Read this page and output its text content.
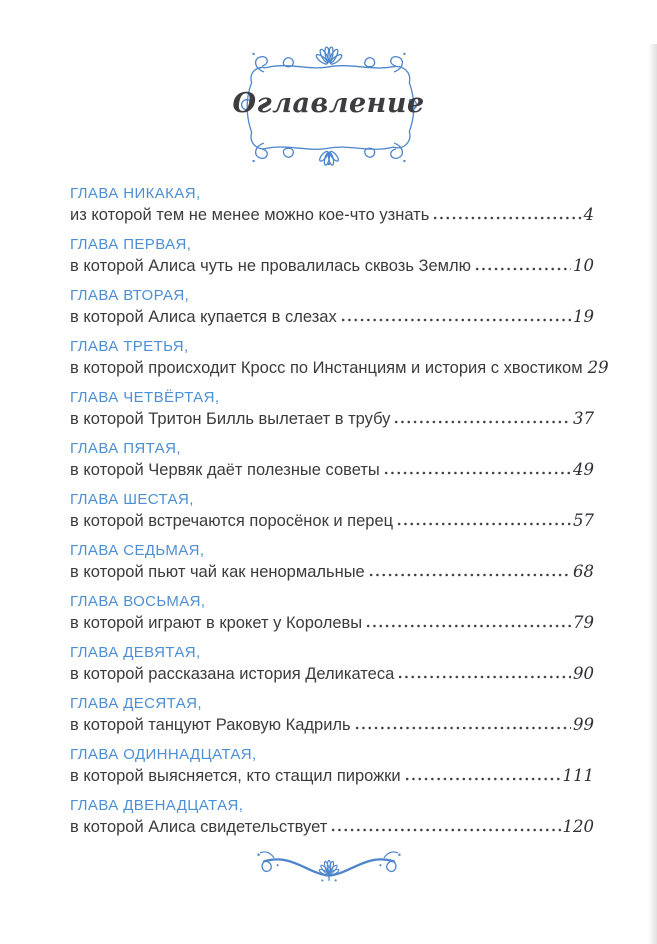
Оглавление
ГЛАВА НИКАКАЯ,
из которой тем не менее можно кое-что узнать	4
ГЛАВА ПЕРВАЯ,
в которой Алиса чуть не провалилась сквозь Землю	10
ГЛАВА ВТОРАЯ,
в которой Алиса купается в слезах	19
ГЛАВА ТРЕТЬЯ,
в которой происходит Кросс по Инстанциям и история с хвостиком 29
ГЛАВА ЧЕТВЁРТАЯ,
в которой Тритон Билль вылетает в трубу	37
ГЛАВА ПЯТАЯ,
в которой Червяк даёт полезные советы	49
ГЛАВА ШЕСТАЯ,
в которой встречаются поросёнок и перец	57
ГЛАВА СЕДЬМАЯ,
в которой пьют чай как ненормальные	68
ГЛАВА ВОСЬМАЯ,
в которой играют в крокет у Королевы	79
ГЛАВА ДЕВЯТАЯ,
в которой рассказана история Деликатеса	90
ГЛАВА ДЕСЯТАЯ,
в которой танцуют Раковую Кадриль	99
ГЛАВА ОДИННАДЦАТАЯ,
в которой выясняется, кто стащил пирожки	111
ГЛАВА ДВЕНАДЦАТАЯ,
в которой Алиса свидетельствует	120
